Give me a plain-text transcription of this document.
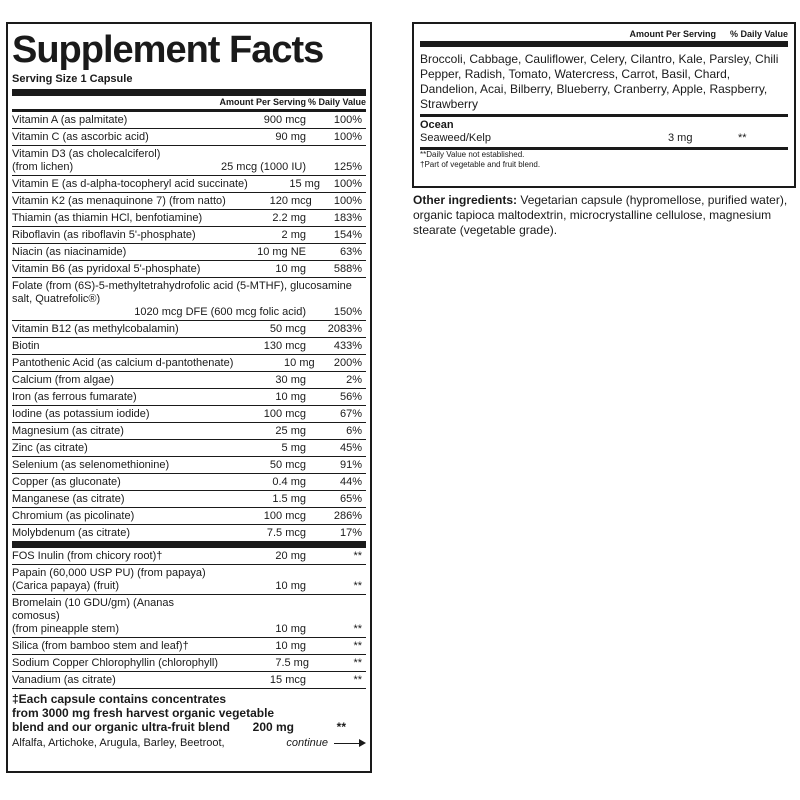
Supplement Facts
Serving Size 1 Capsule
Amount Per Serving % Daily Value
Vitamin A (as palmitate)	900 mcg	100%
Vitamin C (as ascorbic acid)	90 mg	100%
Vitamin D3 (as cholecalciferol)
(from lichen)	25 mcg (1000 IU)	125%
Vitamin E (as d-alpha-tocopheryl acid succinate)	15 mg	100%
Vitamin K2 (as menaquinone 7) (from natto)	120 mcg	100%
Thiamin (as thiamin HCl, benfotiamine)	2.2 mg	183%
Riboflavin (as riboflavin 5'-phosphate)	2 mg	154%
Niacin (as niacinamide)	10 mg NE	63%
Vitamin B6 (as pyridoxal 5'-phosphate)	10 mg	588%
Folate (from (6S)-5-methyltetrahydrofolic acid (5-MTHF), glucosamine salt, Quatrefolic®)
1020 mcg DFE (600 mcg folic acid)	150%
Vitamin B12 (as methylcobalamin)	50 mcg	2083%
Biotin	130 mcg	433%
Pantothenic Acid (as calcium d-pantothenate)	10 mg	200%
Calcium (from algae)	30 mg	2%
Iron (as ferrous fumarate)	10 mg	56%
Iodine (as potassium iodide)	100 mcg	67%
Magnesium (as citrate)	25 mg	6%
Zinc (as citrate)	5 mg	45%
Selenium (as selenomethionine)	50 mcg	91%
Copper (as gluconate)	0.4 mg	44%
Manganese (as citrate)	1.5 mg	65%
Chromium (as picolinate)	100 mcg	286%
Molybdenum (as citrate)	7.5 mcg	17%
FOS Inulin (from chicory root)†	20 mg	**
Papain (60,000 USP PU) (from papaya)
(Carica papaya) (fruit)	10 mg	**
Bromelain (10 GDU/gm) (Ananas comosus)
(from pineapple stem)	10 mg	**
Silica (from bamboo stem and leaf)†	10 mg	**
Sodium Copper Chlorophyllin (chlorophyll)	7.5 mg	**
Vanadium (as citrate)	15 mcg	**
‡Each capsule contains concentrates
from 3000 mg fresh harvest organic vegetable
blend and our organic ultra-fruit blend	200 mg	**
Alfalfa, Artichoke, Arugula, Barley, Beetroot,	continue
Amount Per Serving	% Daily Value
Broccoli, Cabbage, Cauliflower, Celery, Cilantro, Kale, Parsley, Chili Pepper, Radish, Tomato, Watercress, Carrot, Basil, Chard, Dandelion, Acai, Bilberry, Blueberry, Cranberry, Apple, Raspberry, Strawberry
Ocean
Seaweed/Kelp	3 mg	**
**Daily Value not established.
†Part of vegetable and fruit blend.
Other ingredients: Vegetarian capsule (hypromellose, purified water), organic tapioca maltodextrin, microcrystalline cellulose, magnesium stearate (vegetable grade).
